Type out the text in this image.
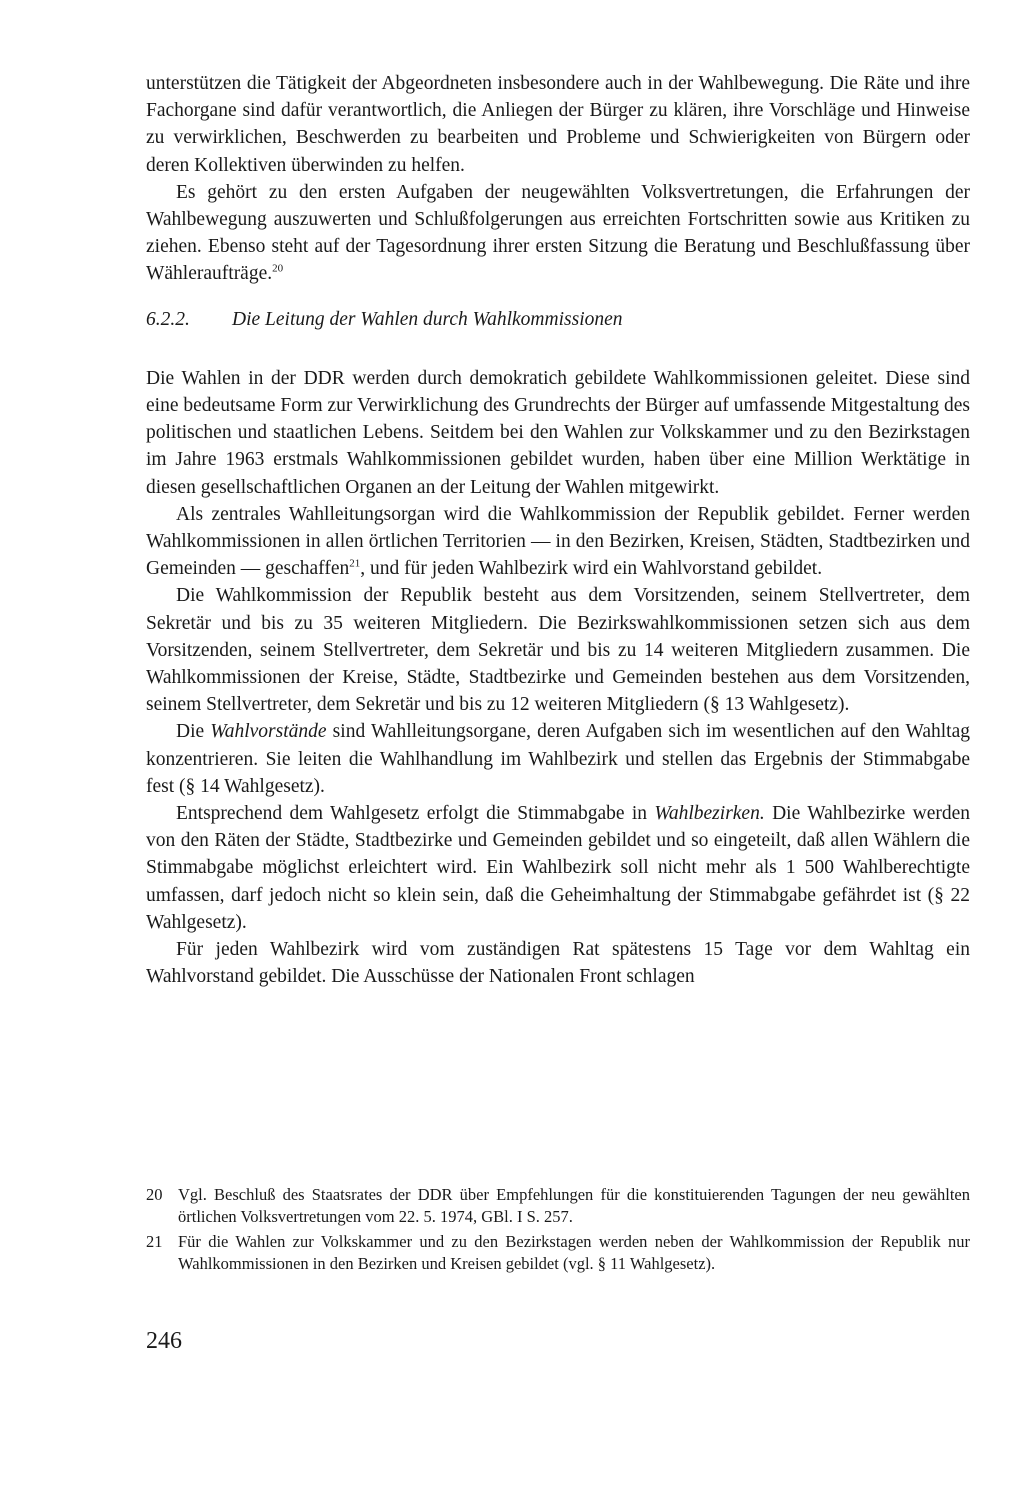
unterstützen die Tätigkeit der Abgeordneten insbesondere auch in der Wahlbewegung. Die Räte und ihre Fachorgane sind dafür verantwortlich, die Anliegen der Bürger zu klären, ihre Vorschläge und Hinweise zu verwirklichen, Beschwerden zu bearbeiten und Probleme und Schwierigkeiten von Bürgern oder deren Kollektiven überwinden zu helfen.

Es gehört zu den ersten Aufgaben der neugewählten Volksvertretungen, die Erfahrungen der Wahlbewegung auszuwerten und Schlußfolgerungen aus erreichten Fortschritten sowie aus Kritiken zu ziehen. Ebenso steht auf der Tagesordnung ihrer ersten Sitzung die Beratung und Beschlußfassung über Wähleraufträge.$^{20}$

6.2.2.	Die Leitung der Wahlen durch Wahlkommissionen

Die Wahlen in der DDR werden durch demokratich gebildete Wahlkommissionen geleitet. Diese sind eine bedeutsame Form zur Verwirklichung des Grundrechts der Bürger auf umfassende Mitgestaltung des politischen und staatlichen Lebens. Seitdem bei den Wahlen zur Volkskammer und zu den Bezirkstagen im Jahre 1963 erstmals Wahlkommissionen gebildet wurden, haben über eine Million Werktätige in diesen gesellschaftlichen Organen an der Leitung der Wahlen mitgewirkt.

Als zentrales Wahlleitungsorgan wird die Wahlkommission der Republik gebildet. Ferner werden Wahlkommissionen in allen örtlichen Territorien — in den Bezirken, Kreisen, Städten, Stadtbezirken und Gemeinden — geschaffen$^{21}$, und für jeden Wahlbezirk wird ein Wahlvorstand gebildet.

Die Wahlkommission der Republik besteht aus dem Vorsitzenden, seinem Stellvertreter, dem Sekretär und bis zu 35 weiteren Mitgliedern. Die Bezirkswahlkommissionen setzen sich aus dem Vorsitzenden, seinem Stellvertreter, dem Sekretär und bis zu 14 weiteren Mitgliedern zusammen. Die Wahlkommissionen der Kreise, Städte, Stadtbezirke und Gemeinden bestehen aus dem Vorsitzenden, seinem Stellvertreter, dem Sekretär und bis zu 12 weiteren Mitgliedern (§ 13 Wahlgesetz).

Die Wahlvorstände sind Wahlleitungsorgane, deren Aufgaben sich im wesentlichen auf den Wahltag konzentrieren. Sie leiten die Wahlhandlung im Wahlbezirk und stellen das Ergebnis der Stimmabgabe fest (§ 14 Wahlgesetz).

Entsprechend dem Wahlgesetz erfolgt die Stimmabgabe in Wahlbezirken. Die Wahlbezirke werden von den Räten der Städte, Stadtbezirke und Gemeinden gebildet und so eingeteilt, daß allen Wählern die Stimmabgabe möglichst erleichtert wird. Ein Wahlbezirk soll nicht mehr als 1 500 Wahlberechtigte umfassen, darf jedoch nicht so klein sein, daß die Geheimhaltung der Stimmabgabe gefährdet ist (§ 22 Wahlgesetz).

Für jeden Wahlbezirk wird vom zuständigen Rat spätestens 15 Tage vor dem Wahltag ein Wahlvorstand gebildet. Die Ausschüsse der Nationalen Front schlagen

20 Vgl. Beschluß des Staatsrates der DDR über Empfehlungen für die konstituierenden Tagungen der neu gewählten örtlichen Volksvertretungen vom 22. 5. 1974, GBl. I S. 257.
21 Für die Wahlen zur Volkskammer und zu den Bezirkstagen werden neben der Wahlkommission der Republik nur Wahlkommissionen in den Bezirken und Kreisen gebildet (vgl. § 11 Wahlgesetz).
246
